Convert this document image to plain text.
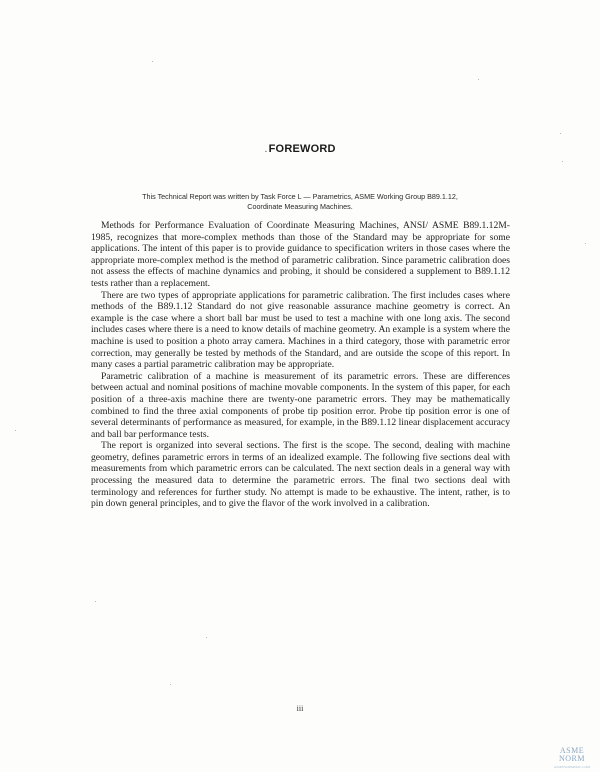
.FOREWORD
This Technical Report was written by Task Force L — Parametrics, ASME Working Group B89.1.12,
Coordinate Measuring Machines.

Methods for Performance Evaluation of Coordinate Measuring Machines, ANSI/ ASME B89.1.12M-1985, recognizes that more-complex methods than those of the Standard may be appropriate for some applications. The intent of this paper is to provide guidance to specification writers in those cases where the appropriate more-complex method is the method of parametric calibration. Since parametric calibration does not assess the effects of machine dynamics and probing, it should be considered a supplement to B89.1.12 tests rather than a replacement.

There are two types of appropriate applications for parametric calibration. The first includes cases where methods of the B89.1.12 Standard do not give reasonable assurance machine geometry is correct. An example is the case where a short ball bar must be used to test a machine with one long axis. The second includes cases where there is a need to know details of machine geometry. An example is a system where the machine is used to position a photo array camera. Machines in a third category, those with parametric error correction, may generally be tested by methods of the Standard, and are outside the scope of this report. In many cases a partial parametric calibration may be appropriate.

Parametric calibration of a machine is measurement of its parametric errors. These are differences between actual and nominal positions of machine movable components. In the system of this paper, for each position of a three-axis machine there are twenty-one parametric errors. They may be mathematically combined to find the three axial components of probe tip position error. Probe tip position error is one of several determinants of performance as measured, for example, in the B89.1.12 linear displacement accuracy and ball bar performance tests.

The report is organized into several sections. The first is the scope. The second, dealing with machine geometry, defines parametric errors in terms of an idealized example. The following five sections deal with measurements from which parametric errors can be calculated. The next section deals in a general way with processing the measured data to determine the parametric errors. The final two sections deal with terminology and references for further study. No attempt is made to be exhaustive. The intent, rather, is to pin down general principles, and to give the flavor of the work involved in a calibration.

iii
ASME NORM
ASMENORMDOC.COM
